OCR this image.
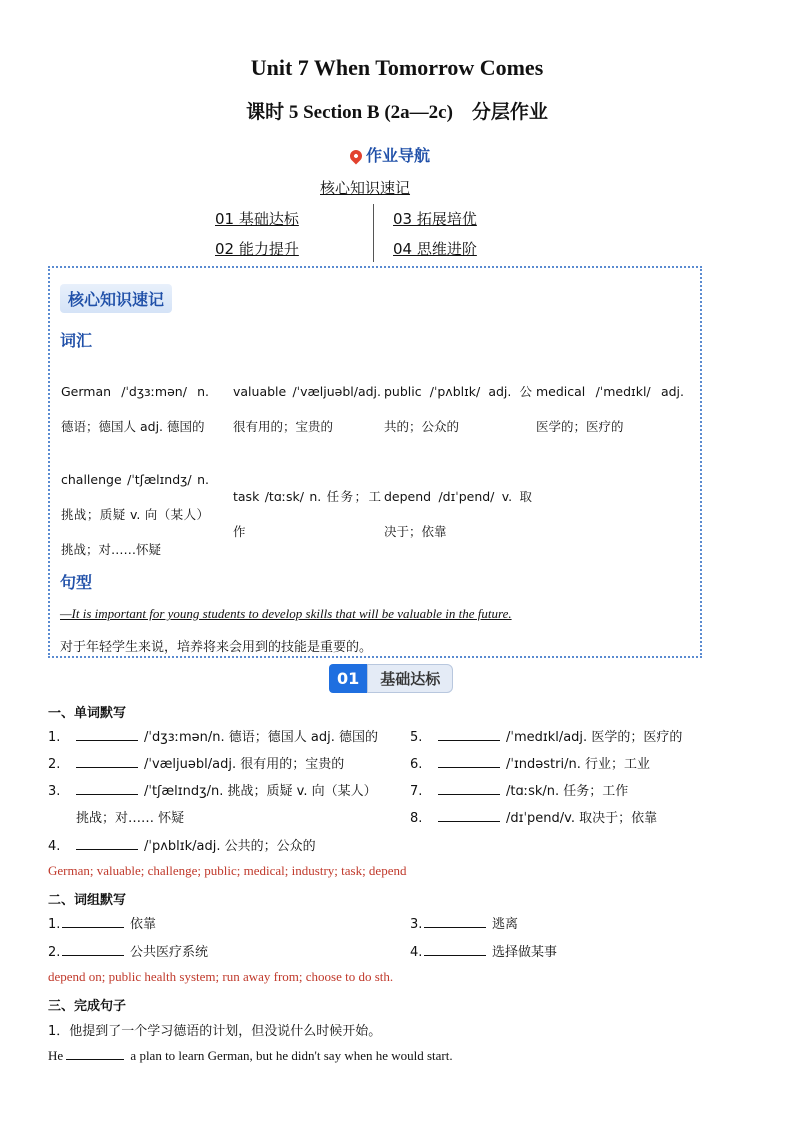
Unit 7 When Tomorrow Comes
课时 5 Section B (2a—2c)　分层作业
作业导航
核心知识速记
01 基础达标
02 能力提升
03 拓展培优
04 思维进阶
核心知识速记
词汇
German /ˈdʒɜːmən/ n. 德语；德国人 adj. 德国的
valuable /ˈvæljuəbl/adj. 很有用的；宝贵的
public /ˈpʌblɪk/ adj. 公共的；公众的
medical /ˈmedɪkl/ adj. 医学的；医疗的
challenge /ˈtʃælɪndʒ/ n. 挑战；质疑 v. 向（某人）挑战；对……怀疑
task /tɑːsk/ n. 任务；工作
depend /dɪˈpend/ v. 取决于；依靠
句型
—It is important for young students to develop skills that will be valuable in the future.
对于年轻学生来说，培养将来会用到的技能是重要的。
01	基础达标
一、单词默写
1.	/ˈdʒɜːmən/n. 德语；德国人 adj. 德国的
2.	/ˈvæljuəbl/adj. 很有用的；宝贵的
3.	/ˈtʃælɪndʒ/n. 挑战；质疑 v. 向（某人）
挑战；对…… 怀疑
4.	/ˈpʌblɪk/adj. 公共的；公众的
5.	/ˈmedɪkl/adj. 医学的；医疗的
6.	/ˈɪndəstri/n. 行业；工业
7.	/tɑːsk/n. 任务；工作
8.	/dɪˈpend/v. 取决于；依靠
German; valuable; challenge; public; medical; industry; task; depend
二、词组默写
1.	依靠
2.	公共医疗系统
3.	逃离
4.	选择做某事
depend on; public health system; run away from; choose to do sth.
三、完成句子
1．他提到了一个学习德语的计划，但没说什么时候开始。
He	a plan to learn German, but he didn't say when he would start.
